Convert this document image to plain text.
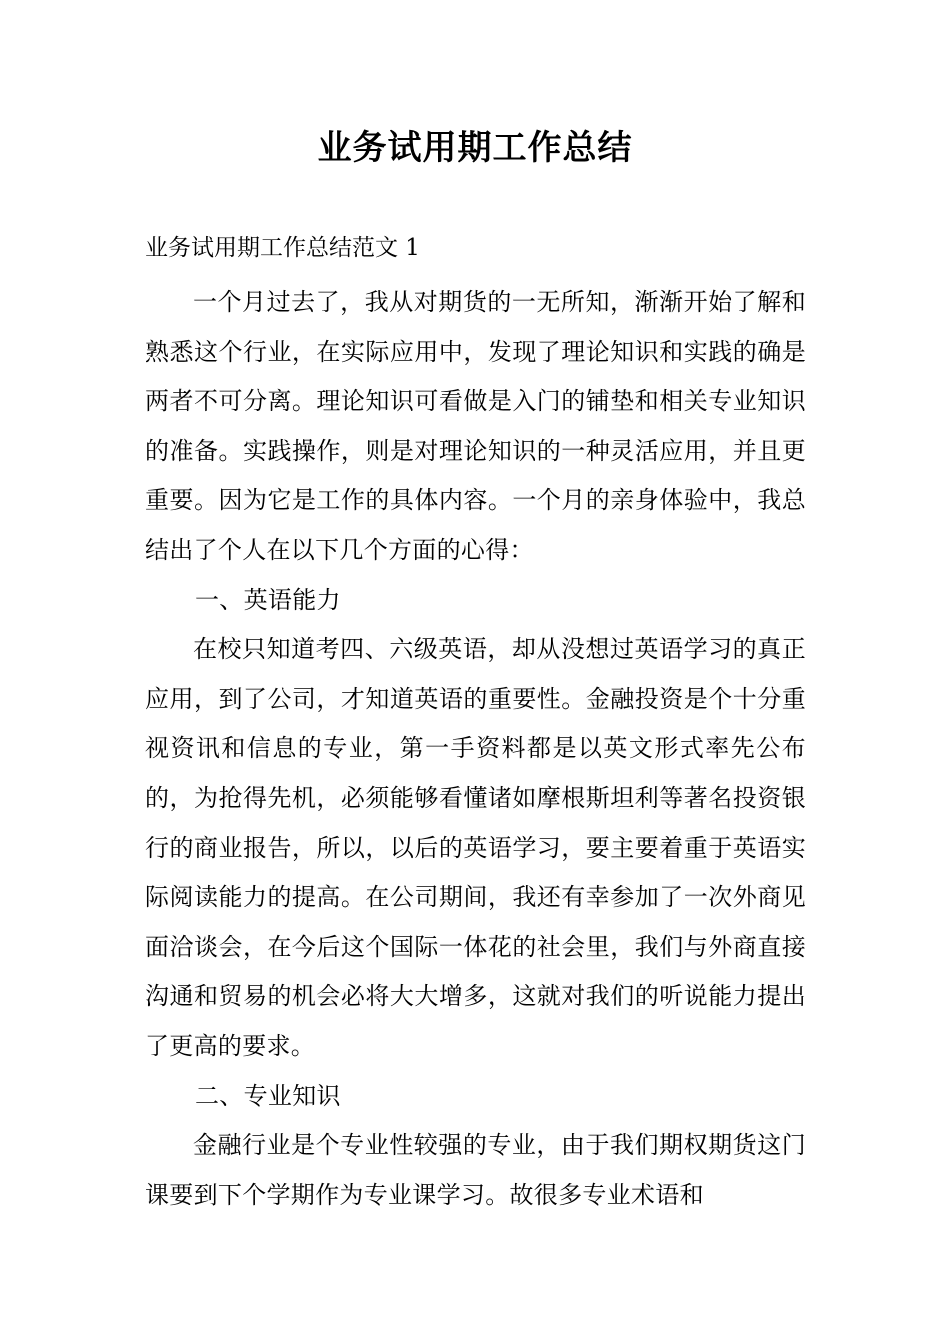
业务试用期工作总结
业务试用期工作总结范文 1

一个月过去了，我从对期货的一无所知，渐渐开始了解和熟悉这个行业，在实际应用中，发现了理论知识和实践的确是两者不可分离。理论知识可看做是入门的铺垫和相关专业知识的准备。实践操作，则是对理论知识的一种灵活应用，并且更重要。因为它是工作的具体内容。一个月的亲身体验中，我总结出了个人在以下几个方面的心得：

一、英语能力

在校只知道考四、六级英语，却从没想过英语学习的真正应用，到了公司，才知道英语的重要性。金融投资是个十分重视资讯和信息的专业，第一手资料都是以英文形式率先公布的，为抢得先机，必须能够看懂诸如摩根斯坦利等著名投资银行的商业报告，所以，以后的英语学习，要主要着重于英语实际阅读能力的提高。在公司期间，我还有幸参加了一次外商见面洽谈会，在今后这个国际一体花的社会里，我们与外商直接沟通和贸易的机会必将大大增多，这就对我们的听说能力提出了更高的要求。

二、专业知识

金融行业是个专业性较强的专业，由于我们期权期货这门课要到下个学期作为专业课学习。故很多专业术语和
